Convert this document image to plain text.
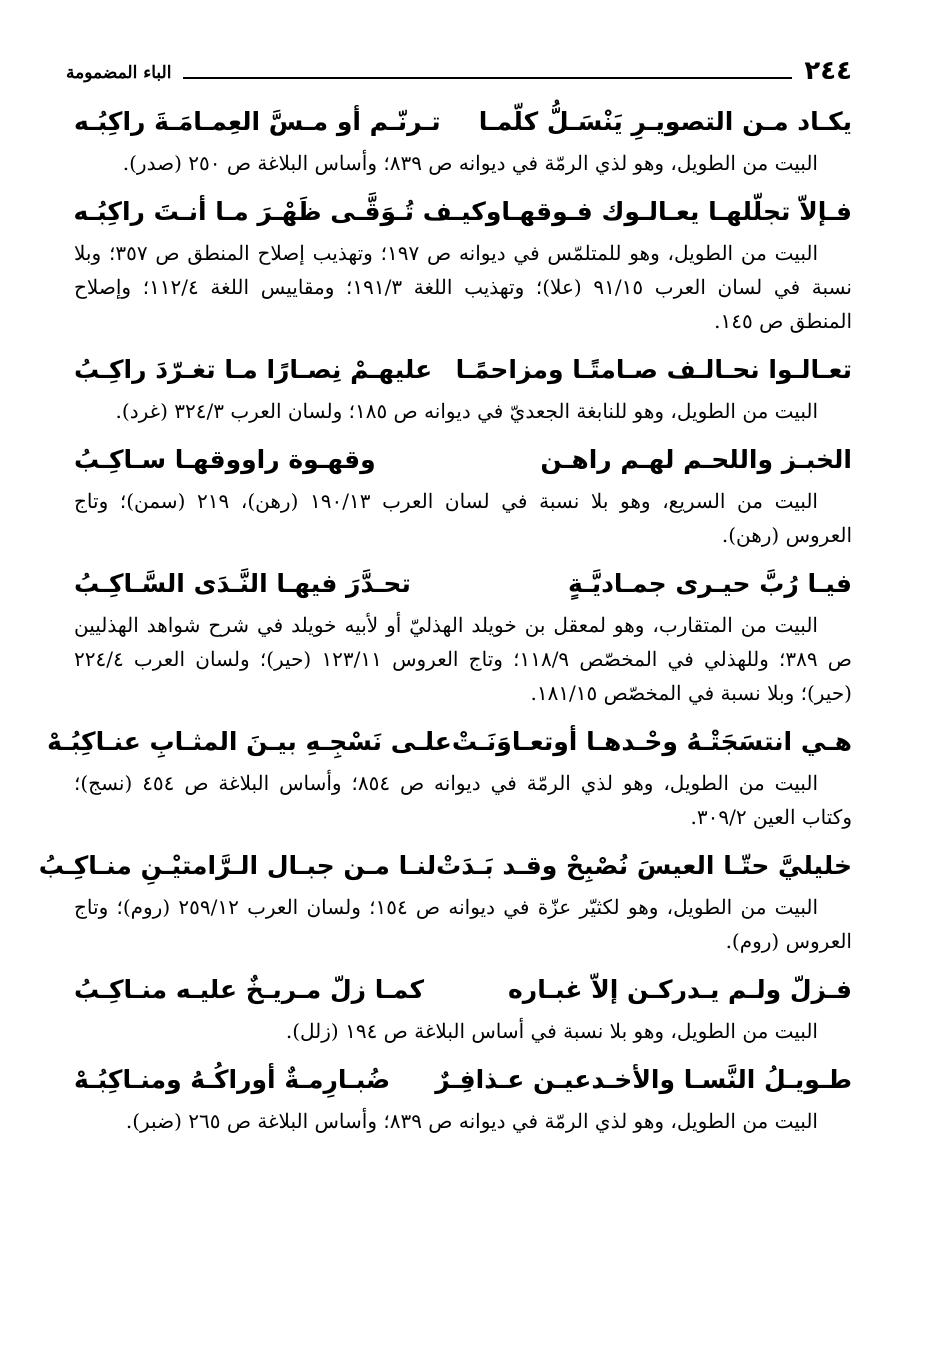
٢٤٤
الباء المضمومة
يكـاد مـن التصويـرِ يَنْسَـلُّ كلّمـا
تـرنّـم أو مـسَّ العِمـامَـةَ راكِبُـه

البيت من الطويل، وهو لذي الرمّة في ديوانه ص ٨٣٩؛ وأساس البلاغة ص ٢٥٠ (صدر).

فـإلاّ تجلّلهـا يعـالـوك فـوقهـا
وكيـف تُـوَقَّـى ظَهْـرَ مـا أنـتَ راكِبُـه

البيت من الطويل، وهو للمتلمّس في ديوانه ص ١٩٧؛ وتهذيب إصلاح المنطق ص ٣٥٧؛ وبلا نسبة في لسان العرب ٩١/١٥ (علا)؛ وتهذيب اللغة ١٩١/٣؛ ومقاييس اللغة ١١٢/٤؛ وإصلاح المنطق ص ١٤٥.

تعـالـوا نحـالـف صـامتًـا ومزاحمًـا
عليهـمْ نِصـارًا مـا تغـرّدَ راكِـبُ

البيت من الطويل، وهو للنابغة الجعديّ في ديوانه ص ١٨٥؛ ولسان العرب ٣٢٤/٣ (غرد).

الخبـز واللحـم لهـم راهـن
وقهـوة راووقهـا سـاكِـبُ

البيت من السريع، وهو بلا نسبة في لسان العرب ١٩٠/١٣ (رهن)، ٢١٩ (سمن)؛ وتاج العروس (رهن).

فيـا رُبَّ حيـرى جمـاديَّـةٍ
تحـدَّرَ فيهـا النَّـدَى السَّـاكِـبُ

البيت من المتقارب، وهو لمعقل بن خويلد الهذليّ أو لأبيه خويلد في شرح شواهد الهذليين ص ٣٨٩؛ وللهذلي في المخصّص ١١٨/٩؛ وتاج العروس ١٢٣/١١ (حير)؛ ولسان العرب ٢٢٤/٤ (حير)؛ وبلا نسبة في المخصّص ١٨١/١٥.

هـي انتسَجَتْـهُ وحْـدهـا أوتعـاوَنَـتْ
علـى نَسْجِـهِ بيـنَ المثـابِ عنـاكِبُـهْ

البيت من الطويل، وهو لذي الرمّة في ديوانه ص ٨٥٤؛ وأساس البلاغة ص ٤٥٤ (نسج)؛ وكتاب العين ٣٠٩/٢.

خليليَّ حتّـا العيسَ نُصْبِحْ وقـد بَـدَتْ
لنـا مـن جبـال الـرَّامتيْـنِ منـاكِـبُ

البيت من الطويل، وهو لكثيّر عزّة في ديوانه ص ١٥٤؛ ولسان العرب ٢٥٩/١٢ (روم)؛ وتاج العروس (روم).

فـزلّ ولـم يـدركـن إلاّ غبـاره
كمـا زلّ مـريـخٌ عليـه منـاكِـبُ

البيت من الطويل، وهو بلا نسبة في أساس البلاغة ص ١٩٤ (زلل).

طـويـلُ النَّسـا والأخـدعيـن عـذافِـرٌ
ضُبـارِمـةٌ أوراكُـهُ ومنـاكِبُـهْ

البيت من الطويل، وهو لذي الرمّة في ديوانه ص ٨٣٩؛ وأساس البلاغة ص ٢٦٥ (ضبر).
